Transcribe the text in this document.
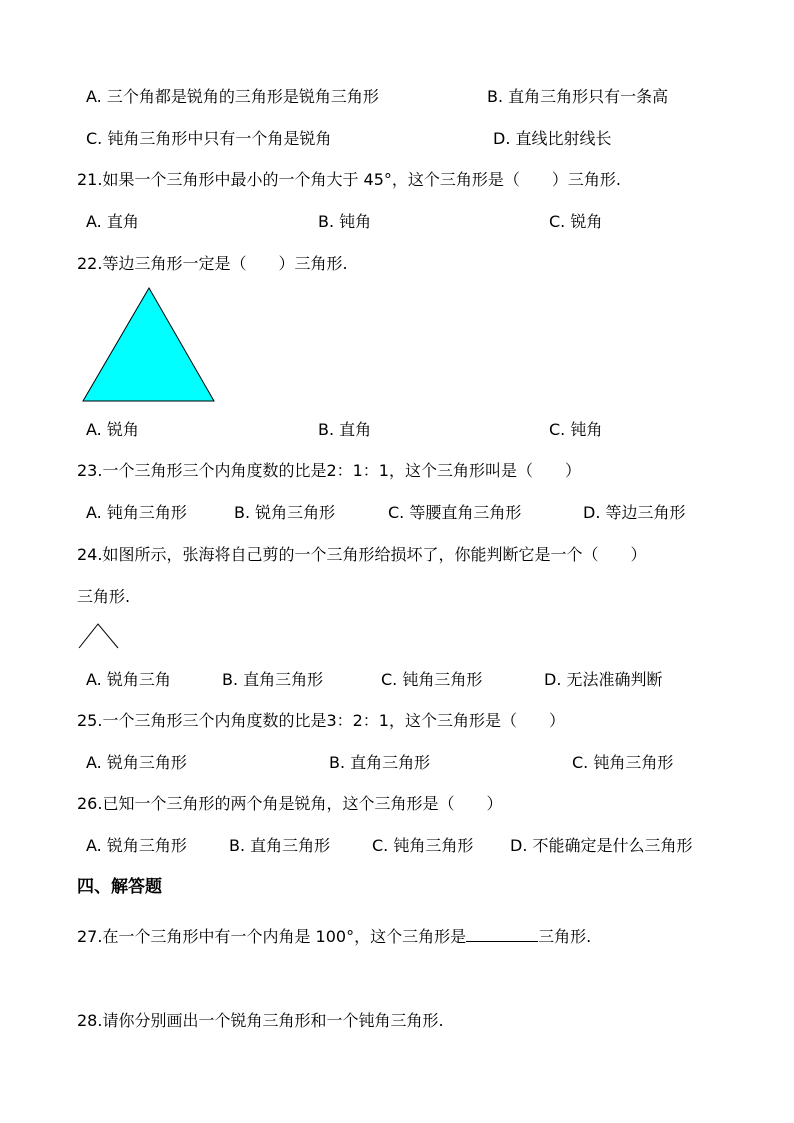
A. 三个角都是锐角的三角形是锐角三角形	B. 直角三角形只有一条高
C. 钝角三角形中只有一个角是锐角	D. 直线比射线长
21.如果一个三角形中最小的一个角大于 45°，这个三角形是（　　）三角形.
A. 直角	B. 钝角	C. 锐角
22.等边三角形一定是（　　）三角形.
A. 锐角	B. 直角	C. 钝角
23.一个三角形三个内角度数的比是2：1：1，这个三角形叫是（　　）
A. 钝角三角形	B. 锐角三角形	C. 等腰直角三角形	D. 等边三角形
24.如图所示，张海将自己剪的一个三角形给损坏了，你能判断它是一个（　　）
三角形.
A. 锐角三角	B. 直角三角形	C. 钝角三角形	D. 无法准确判断
25.一个三角形三个内角度数的比是3：2：1，这个三角形是（　　）
A. 锐角三角形	B. 直角三角形	C. 钝角三角形
26.已知一个三角形的两个角是锐角，这个三角形是（　　）
A. 锐角三角形	B. 直角三角形	C. 钝角三角形 D. 不能确定是什么三角形
四、解答题
27.在一个三角形中有一个内角是 100°，这个三角形是	三角形.
28.请你分别画出一个锐角三角形和一个钝角三角形.
